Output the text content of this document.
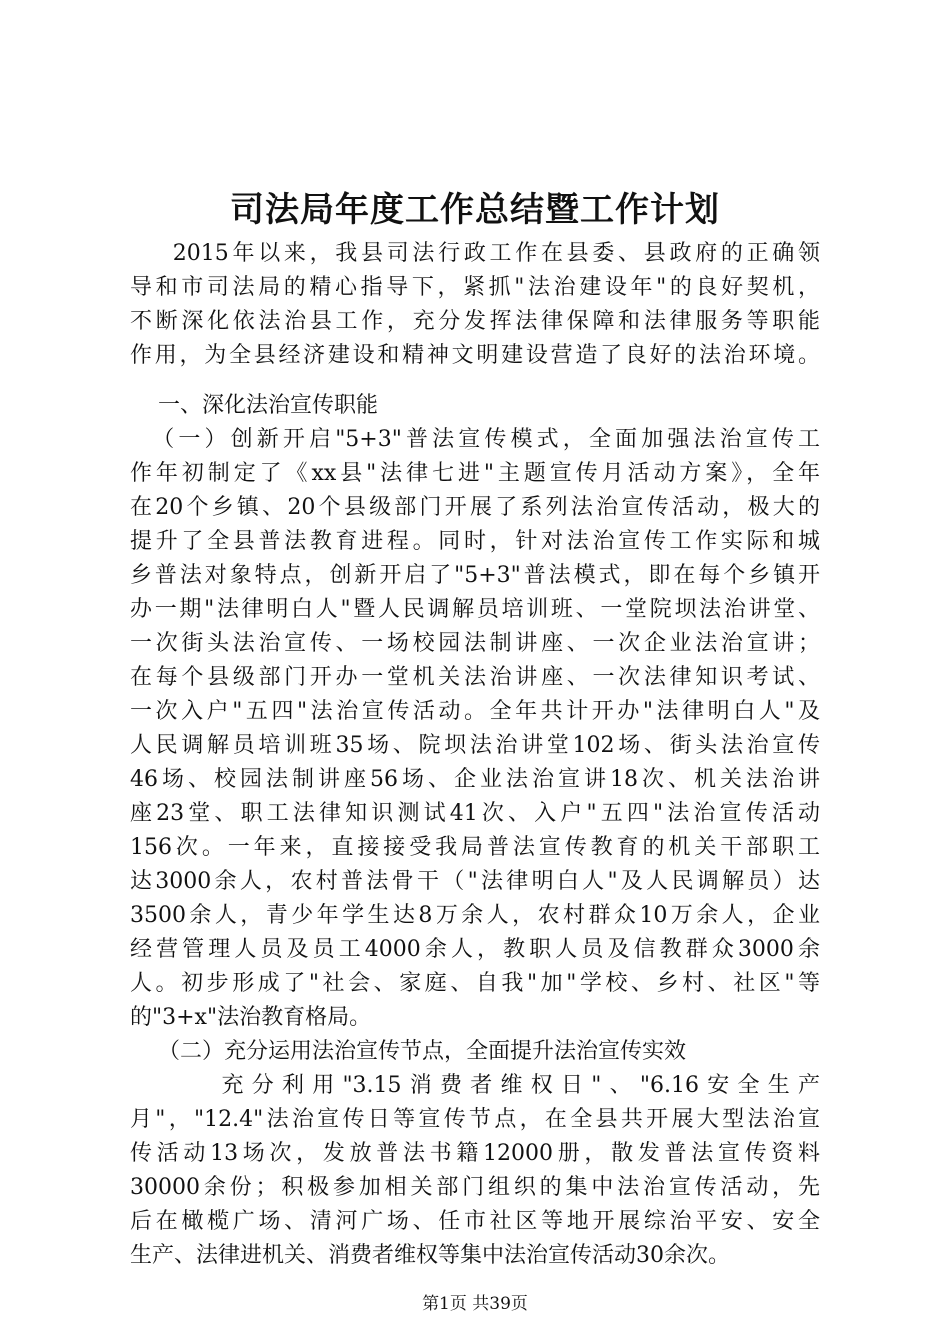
司法局年度工作总结暨工作计划
2015年以来，我县司法行政工作在县委、县政府的正确领
导和市司法局的精心指导下，紧抓"法治建设年"的良好契机，
不断深化依法治县工作，充分发挥法律保障和法律服务等职能
作用，为全县经济建设和精神文明建设营造了良好的法治环境。
一、深化法治宣传职能
（一）创新开启"5+3"普法宣传模式，全面加强法治宣传工
作年初制定了《xx县"法律七进"主题宣传月活动方案》，全年
在20个乡镇、20个县级部门开展了系列法治宣传活动，极大的
提升了全县普法教育进程。同时，针对法治宣传工作实际和城
乡普法对象特点，创新开启了"5+3"普法模式，即在每个乡镇开
办一期"法律明白人"暨人民调解员培训班、一堂院坝法治讲堂、
一次街头法治宣传、一场校园法制讲座、一次企业法治宣讲；
在每个县级部门开办一堂机关法治讲座、一次法律知识考试、
一次入户"五四"法治宣传活动。全年共计开办"法律明白人"及
人民调解员培训班35场、院坝法治讲堂102场、街头法治宣传
46场、校园法制讲座56场、企业法治宣讲18次、机关法治讲
座23堂、职工法律知识测试41次、入户"五四"法治宣传活动
156次。一年来，直接接受我局普法宣传教育的机关干部职工
达3000余人，农村普法骨干（"法律明白人"及人民调解员）达
3500余人，青少年学生达8万余人，农村群众10万余人，企业
经营管理人员及员工4000余人，教职人员及信教群众3000余
人。初步形成了"社会、家庭、自我"加"学校、乡村、社区"等
的"3+x"法治教育格局。
（二）充分运用法治宣传节点，全面提升法治宣传实效
充分利用"3.15消费者维权日"、"6.16安全生产
月"，"12.4"法治宣传日等宣传节点，在全县共开展大型法治宣
传活动13场次，发放普法书籍12000册，散发普法宣传资料
30000余份；积极参加相关部门组织的集中法治宣传活动，先
后在橄榄广场、清河广场、任市社区等地开展综治平安、安全
生产、法律进机关、消费者维权等集中法治宣传活动30余次。
第1页 共39页
